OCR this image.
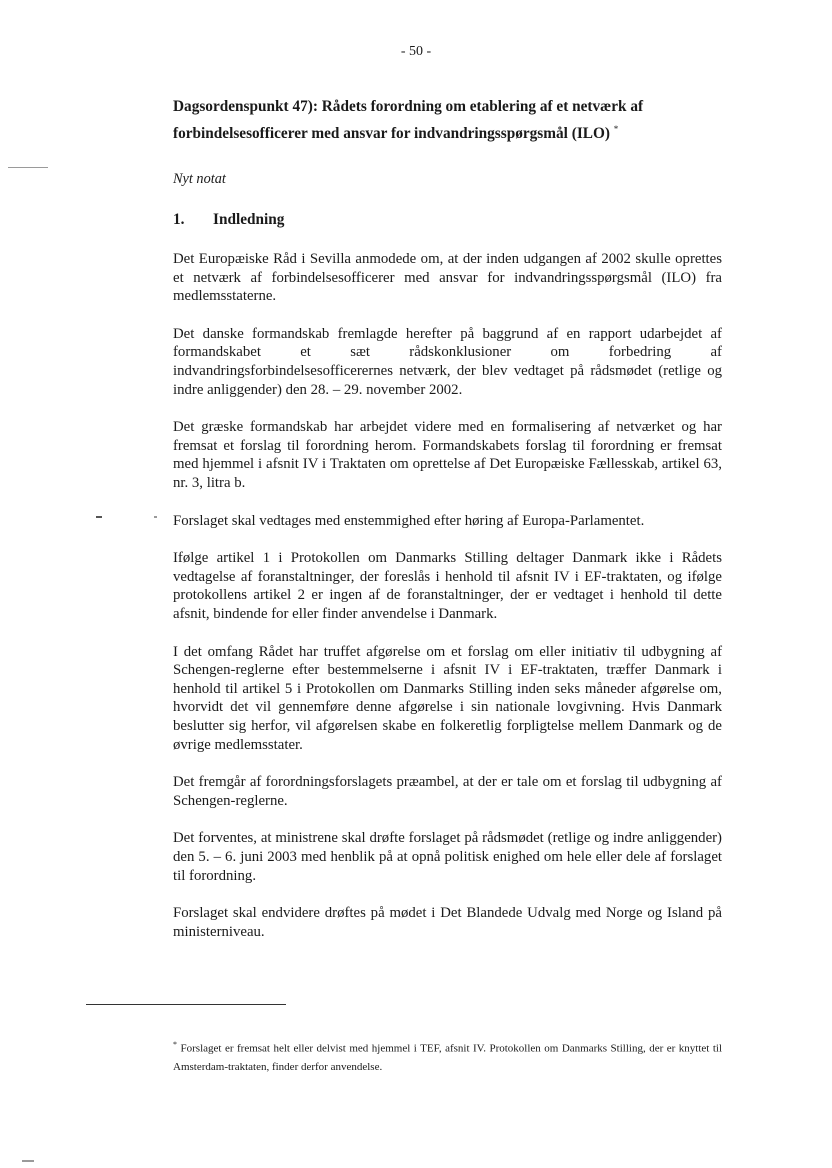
- 50 -
Dagsordenspunkt 47): Rådets forordning om etablering af et netværk af forbindelsesofficerer med ansvar for indvandringsspørgsmål (ILO) *

Nyt notat

1.	Indledning

Det Europæiske Råd i Sevilla anmodede om, at der inden udgangen af 2002 skulle oprettes et netværk af forbindelsesofficerer med ansvar for indvandringsspørgsmål (ILO) fra medlemsstaterne.

Det danske formandskab fremlagde herefter på baggrund af en rapport udarbejdet af formandskabet et sæt rådskonklusioner om forbedring af indvandringsforbindelsesofficerernes netværk, der blev vedtaget på rådsmødet (retlige og indre anliggender) den 28. – 29. november 2002.

Det græske formandskab har arbejdet videre med en formalisering af netværket og har fremsat et forslag til forordning herom. Formandskabets forslag til forordning er fremsat med hjemmel i afsnit IV i Traktaten om oprettelse af Det Europæiske Fællesskab, artikel 63, nr. 3, litra b.

Forslaget skal vedtages med enstemmighed efter høring af Europa-Parlamentet.

Ifølge artikel 1 i Protokollen om Danmarks Stilling deltager Danmark ikke i Rådets vedtagelse af foranstaltninger, der foreslås i henhold til afsnit IV i EF-traktaten, og ifølge protokollens artikel 2 er ingen af de foranstaltninger, der er vedtaget i henhold til dette afsnit, bindende for eller finder anvendelse i Danmark.

I det omfang Rådet har truffet afgørelse om et forslag om eller initiativ til udbygning af Schengen-reglerne efter bestemmelserne i afsnit IV i EF-traktaten, træffer Danmark i henhold til artikel 5 i Protokollen om Danmarks Stilling inden seks måneder afgørelse om, hvorvidt det vil gennemføre denne afgørelse i sin nationale lovgivning. Hvis Danmark beslutter sig herfor, vil afgørelsen skabe en folkeretlig forpligtelse mellem Danmark og de øvrige medlemsstater.

Det fremgår af forordningsforslagets præambel, at der er tale om et forslag til udbygning af Schengen-reglerne.

Det forventes, at ministrene skal drøfte forslaget på rådsmødet (retlige og indre anliggender) den 5. – 6. juni 2003 med henblik på at opnå politisk enighed om hele eller dele af forslaget til forordning.

Forslaget skal endvidere drøftes på mødet i Det Blandede Udvalg med Norge og Island på ministerniveau.

* Forslaget er fremsat helt eller delvist med hjemmel i TEF, afsnit IV. Protokollen om Danmarks Stilling, der er knyttet til Amsterdam-traktaten, finder derfor anvendelse.
